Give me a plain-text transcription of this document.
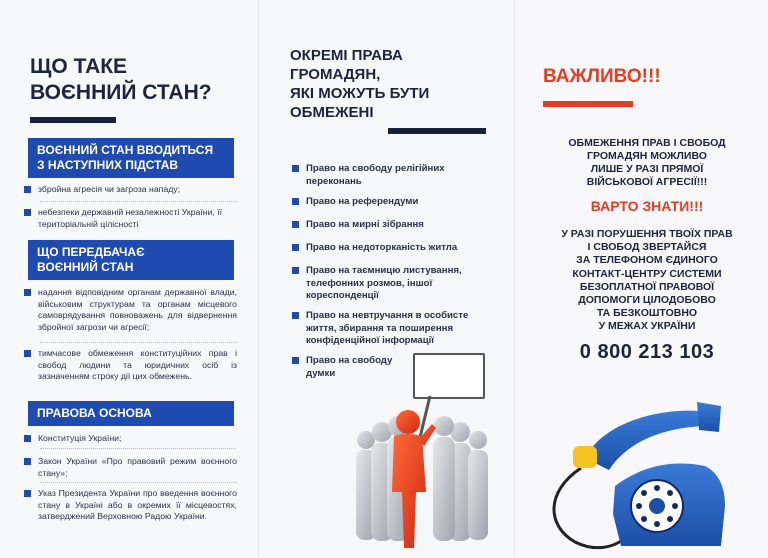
ЩО ТАКЕ
ВОЄННИЙ СТАН?
ВОЄННИЙ СТАН ВВОДИТЬСЯ
З НАСТУПНИХ ПІДСТАВ
збройна агресія чи загроза нападу;
небезпеки державній незалежності України, її територіальній цілісності
ЩО ПЕРЕДБАЧАЄ
ВОЄННИЙ СТАН
надання відповідним органам державної влади, військовим структурам та органам місцевого самоврядування повноважень для відвернення збройної загрози чи агресії;
тимчасове обмеження конституційних прав і свобод людини та юридичних осіб із зазначенням строку дії цих обмежень.
ПРАВОВА ОСНОВА
Конституція України;
Закон України «Про правовий режим воєнного стану»;
Указ Президента України про введення воєнного стану в Україні або в окремих її місцевостях, затверджений Верховною Радою України.
ОКРЕМІ ПРАВА
ГРОМАДЯН,
ЯКІ МОЖУТЬ БУТИ
ОБМЕЖЕНІ
Право на свободу релігійних переконань
Право на референдуми
Право на мирні зібрання
Право на недоторканість житла
Право на таємницю листування, телефонних розмов, іншої кореспонденції
Право на невтручання в особисте життя, збирання та поширення конфіденційної інформації
Право на свободу думки
ВАЖЛИВО!!!
ОБМЕЖЕННЯ ПРАВ І СВОБОД
ГРОМАДЯН МОЖЛИВО
ЛИШЕ У РАЗІ ПРЯМОЇ
ВІЙСЬКОВОЇ АГРЕСІЇ!!!
ВАРТО ЗНАТИ!!!
У РАЗІ ПОРУШЕННЯ ТВОЇХ ПРАВ
І СВОБОД ЗВЕРТАЙСЯ
ЗА ТЕЛЕФОНОМ ЄДИНОГО
КОНТАКТ-ЦЕНТРУ СИСТЕМИ
БЕЗОПЛАТНОЇ ПРАВОВОЇ
ДОПОМОГИ ЦІЛОДОБОВО
ТА БЕЗКОШТОВНО
У МЕЖАХ УКРАЇНИ
0 800 213 103
